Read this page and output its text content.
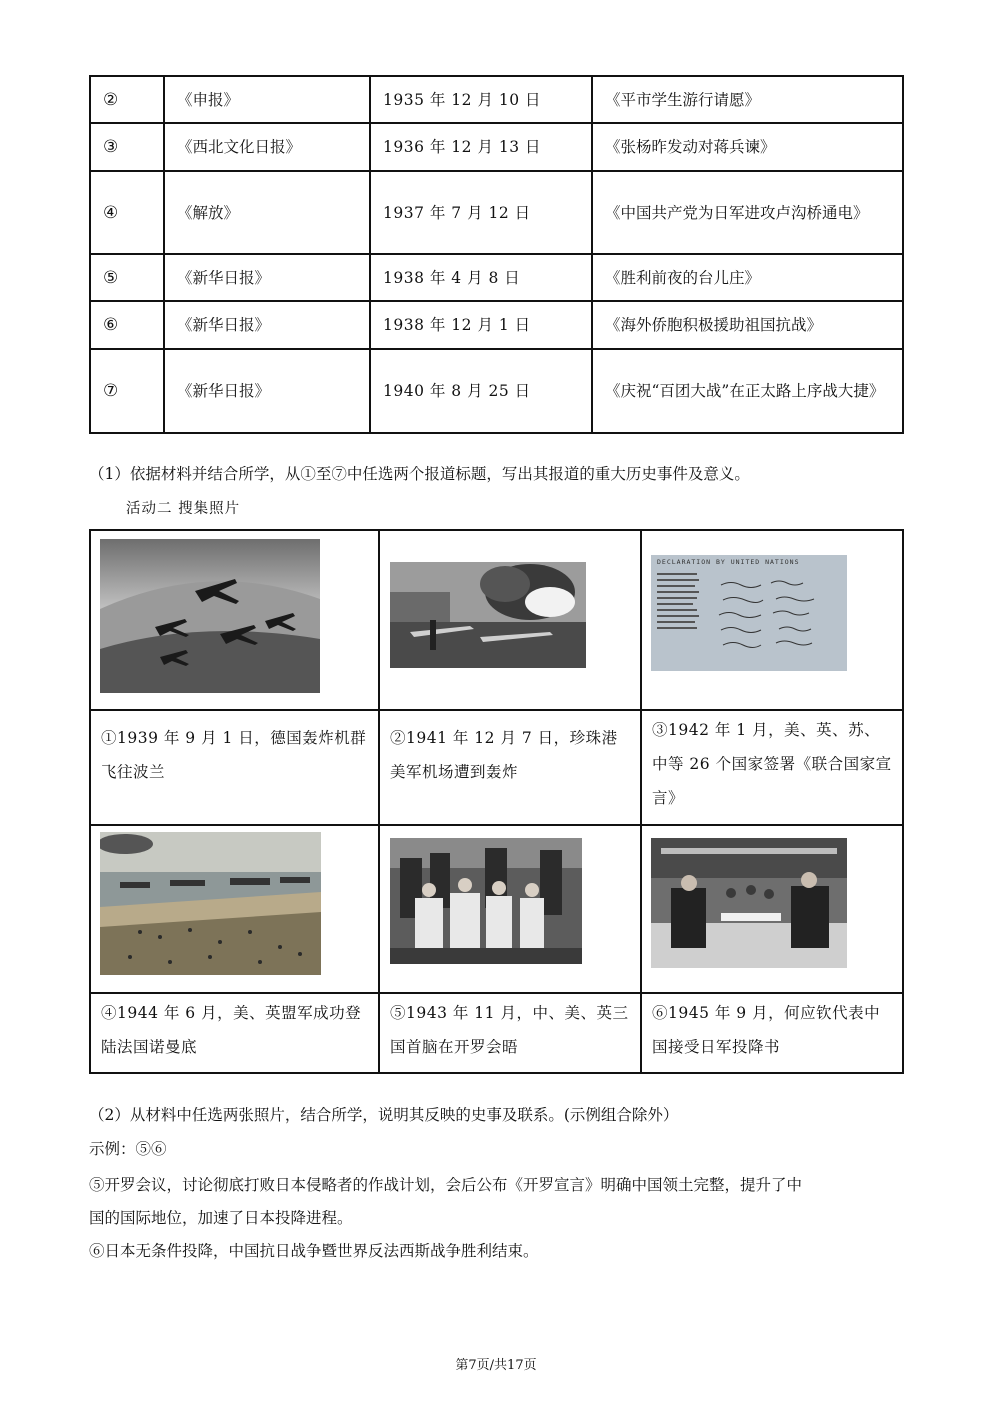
②	《申报》	1935 年 12 月 10 日	《平市学生游行请愿》
③	《西北文化日报》	1936 年 12 月 13 日	《张杨昨发动对蒋兵谏》
④	《解放》	1937 年 7 月 12 日	《中国共产党为日军进攻卢沟桥通电》
⑤	《新华日报》	1938 年 4 月 8 日	《胜利前夜的台儿庄》
⑥	《新华日报》	1938 年 12 月 1 日	《海外侨胞积极援助祖国抗战》
⑦	《新华日报》	1940 年 8 月 25 日	《庆祝“百团大战”在正太路上序战大捷》
（1）依据材料并结合所学，从①至⑦中任选两个报道标题，写出其报道的重大历史事件及意义。
活动二 搜集照片

DECLARATION BY UNITED NATIONS

①1939 年 9 月 1 日，德国轰炸机群飞往波兰	②1941 年 12 月 7 日，珍珠港美军机场遭到轰炸	③1942 年 1 月，美、英、苏、中等 26 个国家签署《联合国家宣言》

④1944 年 6 月，美、英盟军成功登陆法国诺曼底	⑤1943 年 11 月，中、美、英三国首脑在开罗会晤	⑥1945 年 9 月，何应钦代表中国接受日军投降书
（2）从材料中任选两张照片，结合所学，说明其反映的史事及联系。(示例组合除外）
示例：⑤⑥
⑤开罗会议，讨论彻底打败日本侵略者的作战计划，会后公布《开罗宣言》明确中国领土完整，提升了中
国的国际地位，加速了日本投降进程。
⑥日本无条件投降，中国抗日战争暨世界反法西斯战争胜利结束。
第7页/共17页
